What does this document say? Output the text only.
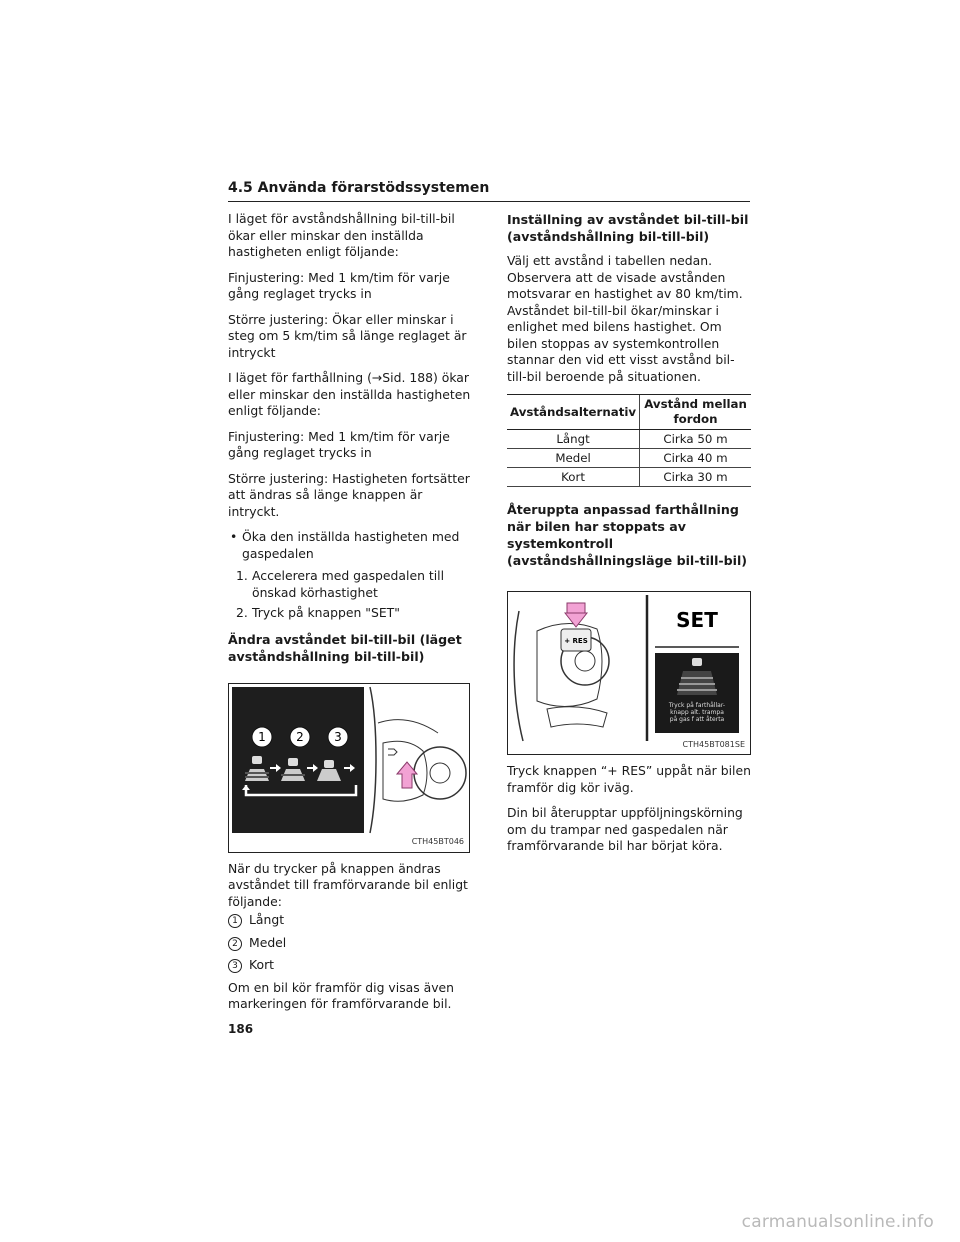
4.5 Använda förarstödssystemen

I läget för avståndshållning bil-till-bil ökar eller minskar den inställda hastigheten enligt följande:

Finjustering: Med 1 km/tim för varje gång reglaget trycks in

Större justering: Ökar eller minskar i steg om 5 km/tim så länge reglaget är intryckt

I läget för farthållning (→Sid. 188) ökar eller minskar den inställda hastigheten enligt följande:

Finjustering: Med 1 km/tim för varje gång reglaget trycks in

Större justering: Hastigheten fortsätter att ändras så länge knappen är intryckt.

• Öka den inställda hastigheten med gaspedalen
1. Accelerera med gaspedalen till önskad körhastighet
2. Tryck på knappen "SET"
Ändra avståndet bil-till-bil (läget avståndshållning bil-till-bil)
1	2	3
CTH45BT046

När du trycker på knappen ändras avståndet till framförvarande bil enligt följande:

1 Långt
2 Medel
3 Kort

Om en bil kör framför dig visas även markeringen för framförvarande bil.

Inställning av avståndet bil-till-bil (avståndshållning bil-till-bil)

Välj ett avstånd i tabellen nedan. Observera att de visade avstånden motsvarar en hastighet av 80 km/tim. Avståndet bil-till-bil ökar/minskar i enlighet med bilens hastighet. Om bilen stoppas av systemkontrollen stannar den vid ett visst avstånd bil-till-bil beroende på situationen.

Avståndsalternativ	Avstånd mellan fordon
Långt	Cirka 50 m
Medel	Cirka 40 m
Kort	Cirka 30 m
Återuppta anpassad farthållning när bilen har stoppats av systemkontroll (avståndshållningsläge bil-till-bil)
+ RES
SET
Tryck på farthållar-
knapp alt. trampa
på gas f att återta
CTH45BT081SE

Tryck knappen “+ RES” uppåt när bilen framför dig kör iväg.

Din bil återupptar uppföljningskörning om du trampar ned gaspedalen när framförvarande bil har börjat köra.

186
carmanualsonline.info
